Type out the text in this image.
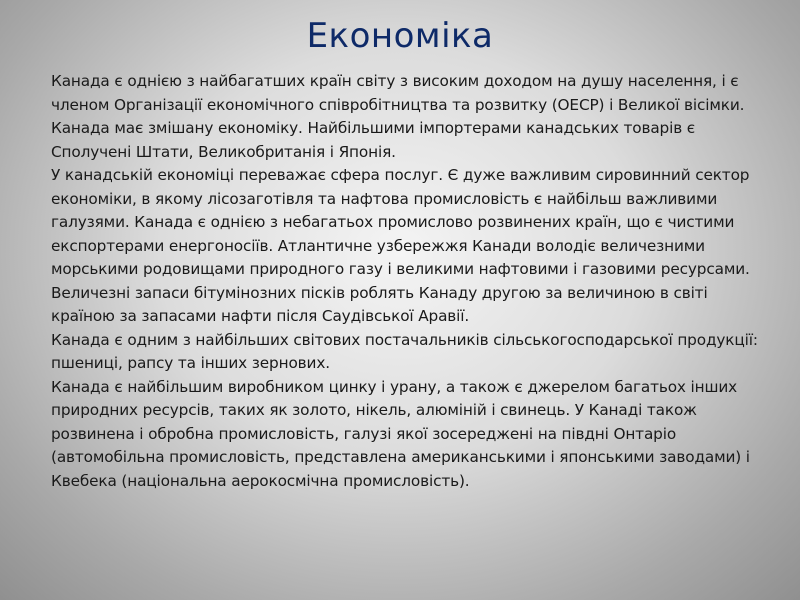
Економіка

Канада є однією з найбагатших країн світу з високим доходом на душу населення, і є членом Організації економічного співробітництва та розвитку (OECP) і Великої вісімки.

Канада має змішану економіку. Найбільшими імпортерами канадських товарів є Сполучені Штати, Великобританія і Японія.

У канадській економіці переважає сфера послуг. Є дуже важливим сировинний сектор економіки, в якому лісозаготівля та нафтова промисловість є найбільш важливими галузями. Канада є однією з небагатьох промислово розвинених країн, що є чистими експортерами енергоносіїв. Атлантичне узбережжя Канади володіє величезними морськими родовищами природного газу і великими нафтовими і газовими ресурсами. Величезні запаси бітумінозних пісків роблять Канаду другою за величиною в світі країною за запасами нафти після Саудівської Аравії.

Канада є одним з найбільших світових постачальників сільськогосподарської продукції: пшениці, рапсу та інших зернових.

Канада є найбільшим виробником цинку і урану, а також є джерелом багатьох інших природних ресурсів, таких як золото, нікель, алюміній і свинець. У Канаді також розвинена і обробна промисловість, галузі якої зосереджені на півдні Онтаріо (автомобільна промисловість, представлена американськими і японськими заводами) і Квебека (національна аерокосмічна промисловість).
